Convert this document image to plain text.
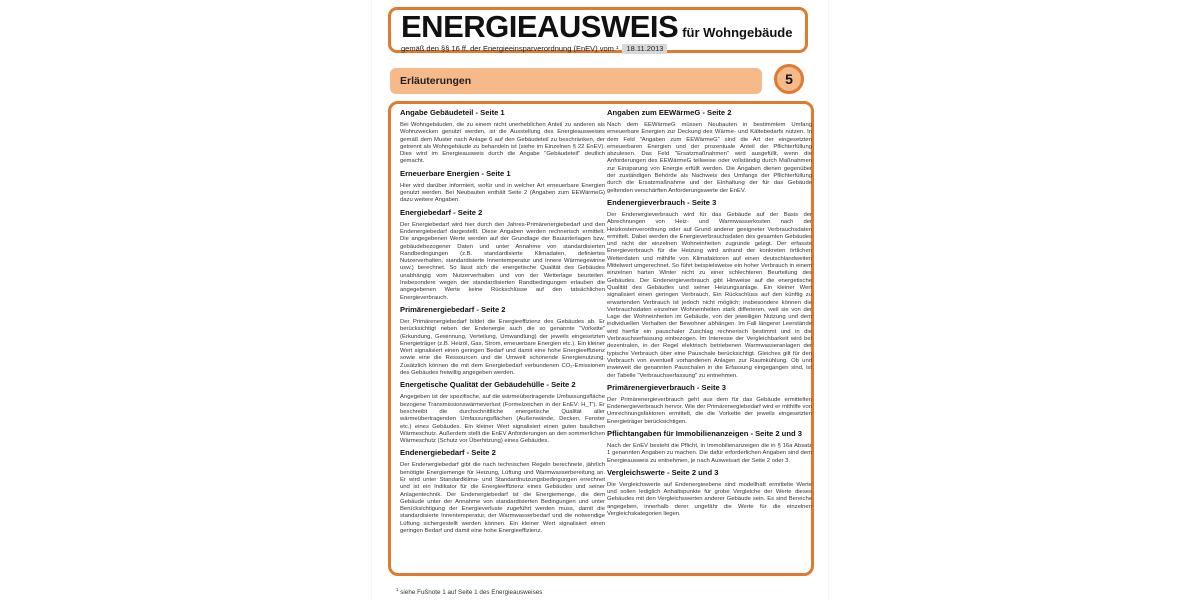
ENERGIEAUSWEIS für Wohngebäude
gemäß den §§ 16 ff. der Energieeinsparverordnung (EnEV) vom ¹ 18.11.2013
Erläuterungen	5
Angabe Gebäudeteil - Seite 1

Bei Wohngebäuden, die zu einem nicht unerheblichen Anteil zu anderen als Wohnzwecken genutzt werden, ist die Ausstellung des Energieausweises gemäß dem Muster nach Anlage 6 auf den Gebäudeteil zu beschränken, der getrennt als Wohngebäude zu behandeln ist (siehe im Einzelnen § 22 EnEV). Dies wird im Energieausweis durch die Angabe "Gebäudeteil" deutlich gemacht.

Erneuerbare Energien - Seite 1

Hier wird darüber informiert, wofür und in welcher Art erneuerbare Energien genutzt werden. Bei Neubauten enthält Seite 2 (Angaben zum EEWärmeG) dazu weitere Angaben.

Energiebedarf - Seite 2

Der Energiebedarf wird hier durch den Jahres-Primärenergiebedarf und den Endenergiebedarf dargestellt. Diese Angaben werden rechnerisch ermittelt. Die angegebenen Werte werden auf der Grundlage der Bauunterlagen bzw. gebäudebezogener Daten und unter Annahme von standardisierten Randbedingungen (z.B. standardisierte Klimadaten, definiertes Nutzerverhalten, standardisierte Innentemperatur und innere Wärmegewinne usw.) berechnet. So lässt sich die energetische Qualität des Gebäudes unabhängig vom Nutzerverhalten und von der Wetterlage beurteilen. Insbesondere wegen der standardisierten Randbedingungen erlauben die angegebenen Werte keine Rückschlüsse auf den tatsächlichen Energieverbrauch.

Primärenergiebedarf - Seite 2

Der Primärenergiebedarf bildet die Energieeffizienz des Gebäudes ab. Er berücksichtigt neben der Endenergie auch die so genannte "Vorkette" (Erkundung, Gewinnung, Verteilung, Umwandlung) der jeweils eingesetzten Energieträger (z.B. Heizöl, Gas, Strom, erneuerbare Energien etc.). Ein kleiner Wert signalisiert einen geringen Bedarf und damit eine hohe Energieeffizienz sowie eine die Ressourcen und die Umwelt schonende Energienutzung. Zusätzlich können die mit dem Energiebedarf verbundenen CO₂-Emissionen des Gebäudes freiwillig angegeben werden.

Energetische Qualität der Gebäudehülle - Seite 2

Angegeben ist der spezifische, auf die wärmeübertragende Umfassungsfläche bezogene Transmissionswärmeverlust (Formelzeichen in der EnEV: H_T'). Er beschreibt die durchschnittliche energetische Qualität aller wärmeübertragenden Umfassungsflächen (Außenwände, Decken, Fenster etc.) eines Gebäudes. Ein kleiner Wert signalisiert einen guten baulichen Wärmeschutz. Außerdem stellt die EnEV Anforderungen an den sommerlichen Wärmeschutz (Schutz vor Überhitzung) eines Gebäudes.

Endenergiebedarf - Seite 2

Der Endenergiebedarf gibt die nach technischen Regeln berechnete, jährlich benötigte Energiemenge für Heizung, Lüftung und Warmwasserbereitung an. Er wird unter Standardklima- und Standardnutzungsbedingungen errechnet und ist ein Indikator für die Energieeffizienz eines Gebäudes und seiner Anlagentechnik. Der Endenergiebedarf ist die Energiemenge, die dem Gebäude unter der Annahme von standardisierten Bedingungen und unter Berücksichtigung der Energieverluste zugeführt werden muss, damit die standardisierte Innentemperatur, der Warmwasserbedarf und die notwendige Lüftung sichergestellt werden können. Ein kleiner Wert signalisiert einen geringen Bedarf und damit eine hohe Energieeffizienz.

Angaben zum EEWärmeG - Seite 2

Nach dem EEWärmeG müssen Neubauten in bestimmtem Umfang erneuerbare Energien zur Deckung des Wärme- und Kältebedarfs nutzen. In dem Feld "Angaben zum EEWärmeG" sind die Art der eingesetzten erneuerbaren Energien und der prozentuale Anteil der Pflichterfüllung abzulesen. Das Feld "Ersatzmaßnahmen" wird ausgefüllt, wenn die Anforderungen des EEWärmeG teilweise oder vollständig durch Maßnahmen zur Einsparung von Energie erfüllt werden. Die Angaben dienen gegenüber der zuständigen Behörde als Nachweis des Umfangs der Pflichterfüllung durch die Ersatzmaßnahme und der Einhaltung der für das Gebäude geltenden verschärften Anforderungswerte der EnEV.

Endenergieverbrauch - Seite 3

Der Endenergieverbrauch wird für das Gebäude auf der Basis der Abrechnungen von Heiz- und Warmwasserkosten nach der Heizkostenverordnung oder auf Grund anderer geeigneter Verbrauchsdaten ermittelt. Dabei werden die Energieverbrauchsdaten des gesamten Gebäudes und nicht der einzelnen Wohneinheiten zugrunde gelegt. Der erfasste Energieverbrauch für die Heizung wird anhand der konkreten örtlichen Wetterdaten und mithilfe von Klimafaktoren auf einen deutschlandweiten Mittelwert umgerechnet. So führt beispielsweise ein hoher Verbrauch in einem einzelnen harten Winter nicht zu einer schlechteren Beurteilung des Gebäudes. Der Endenergieverbrauch gibt Hinweise auf die energetische Qualität des Gebäudes und seiner Heizungsanlage. Ein kleiner Wert signalisiert einen geringen Verbrauch. Ein Rückschluss auf den künftig zu erwartenden Verbrauch ist jedoch nicht möglich; insbesondere können die Verbrauchsdaten einzelner Wohneinheiten stark differieren, weil sie von der Lage der Wohneinheiten im Gebäude, von der jeweiligen Nutzung und dem individuellen Verhalten der Bewohner abhängen. Im Fall längerer Leerstände wird hierfür ein pauschaler Zuschlag rechnerisch bestimmt und in die Verbrauchserfassung einbezogen. Im Interesse der Vergleichbarkeit wird bei dezentralen, in der Regel elektrisch betriebenen Warmwasseranlagen der typische Verbrauch über eine Pauschale berücksichtigt. Gleiches gilt für den Verbrauch von eventuell vorhandenen Anlagen zur Raumkühlung. Ob und inwieweit die genannten Pauschalen in die Erfassung eingegangen sind, ist der Tabelle "Verbrauchserfassung" zu entnehmen.

Primärenergieverbrauch - Seite 3

Der Primärenergieverbrauch geht aus dem für das Gebäude ermittelten Endenergieverbrauch hervor. Wie der Primärenergiebedarf wird er mithilfe von Umrechnungsfaktoren ermittelt, die die Vorkette der jeweils eingesetzten Energieträger berücksichtigen.

Pflichtangaben für Immobilienanzeigen - Seite 2 und 3

Nach der EnEV besteht die Pflicht, in Immobilienanzeigen die in § 16a Absatz 1 genannten Angaben zu machen. Die dafür erforderlichen Angaben sind dem Energieausweis zu entnehmen, je nach Ausweisart der Seite 2 oder 3.

Vergleichswerte - Seite 2 und 3

Die Vergleichswerte auf Endenergieebene sind modellhaft ermittelte Werte und sollen lediglich Anhaltspunkte für grobe Vergleiche der Werte dieses Gebäudes mit den Vergleichswerten anderer Gebäude sein. Es sind Bereiche angegeben, innerhalb derer ungefähr die Werte für die einzelnen Vergleichskategorien liegen.

$^1$ siehe Fußnote 1 auf Seite 1 des Energieausweises
